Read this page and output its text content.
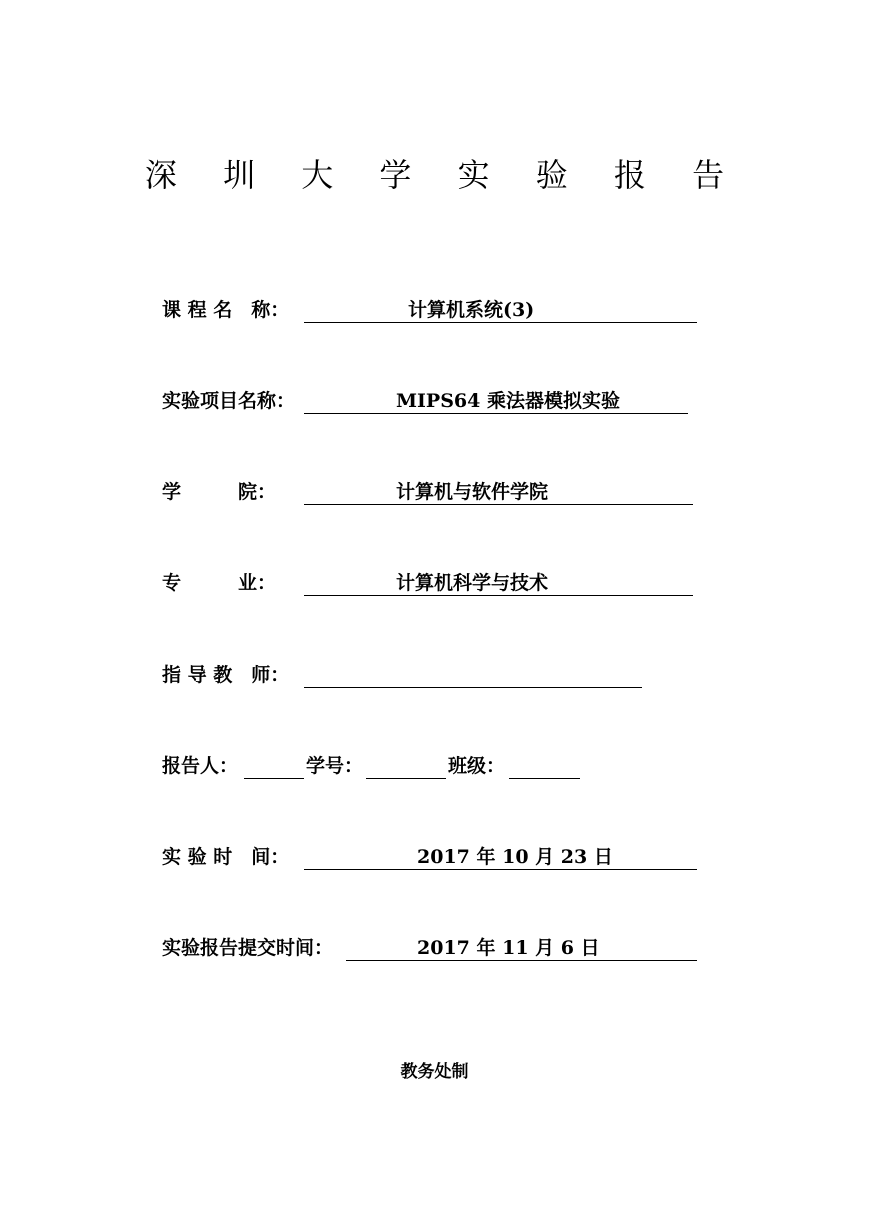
深 圳 大 学 实 验 报 告
课 程 名　称：	计算机系统(3)
实验项目名称：	MIPS64 乘法器模拟实验
学　　　院：	计算机与软件学院
专　　　业：	计算机科学与技术
指 导 教　师：
报告人：	学号：	班级：
实 验 时　间：	2017 年 10 月 23 日
实验报告提交时间：	2017 年 11 月 6 日
教务处制
